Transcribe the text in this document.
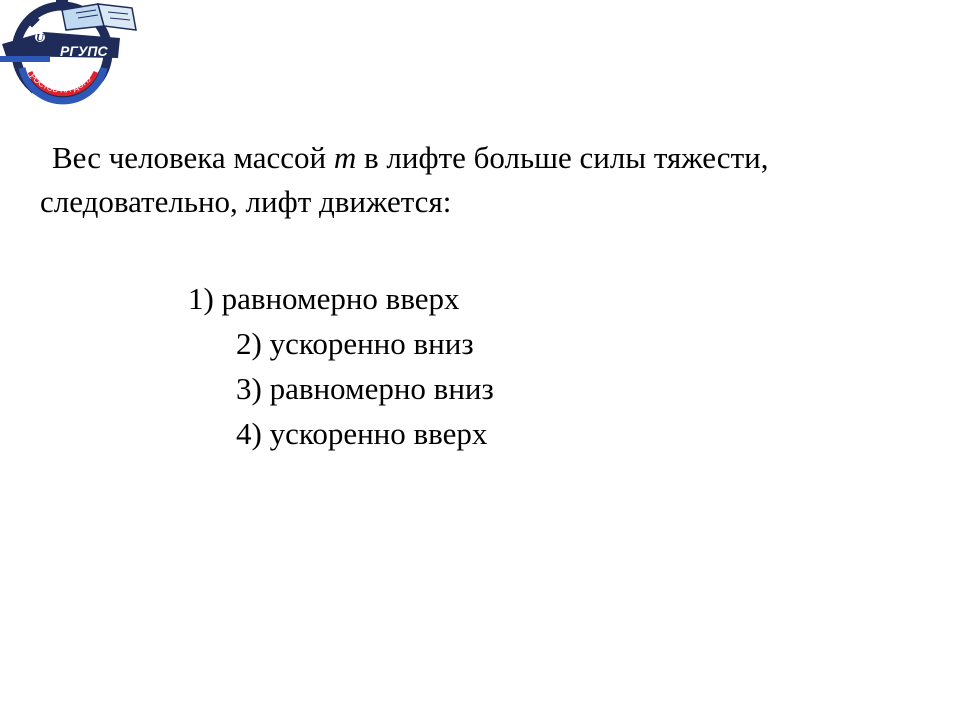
U
РГУПС
РОСТОВ-НА-ДОНУ
Вес человека массой m в лифте больше силы тяжести,
следовательно, лифт движется:
1) равномерно вверх
2) ускоренно вниз
3) равномерно вниз
4) ускоренно вверх
